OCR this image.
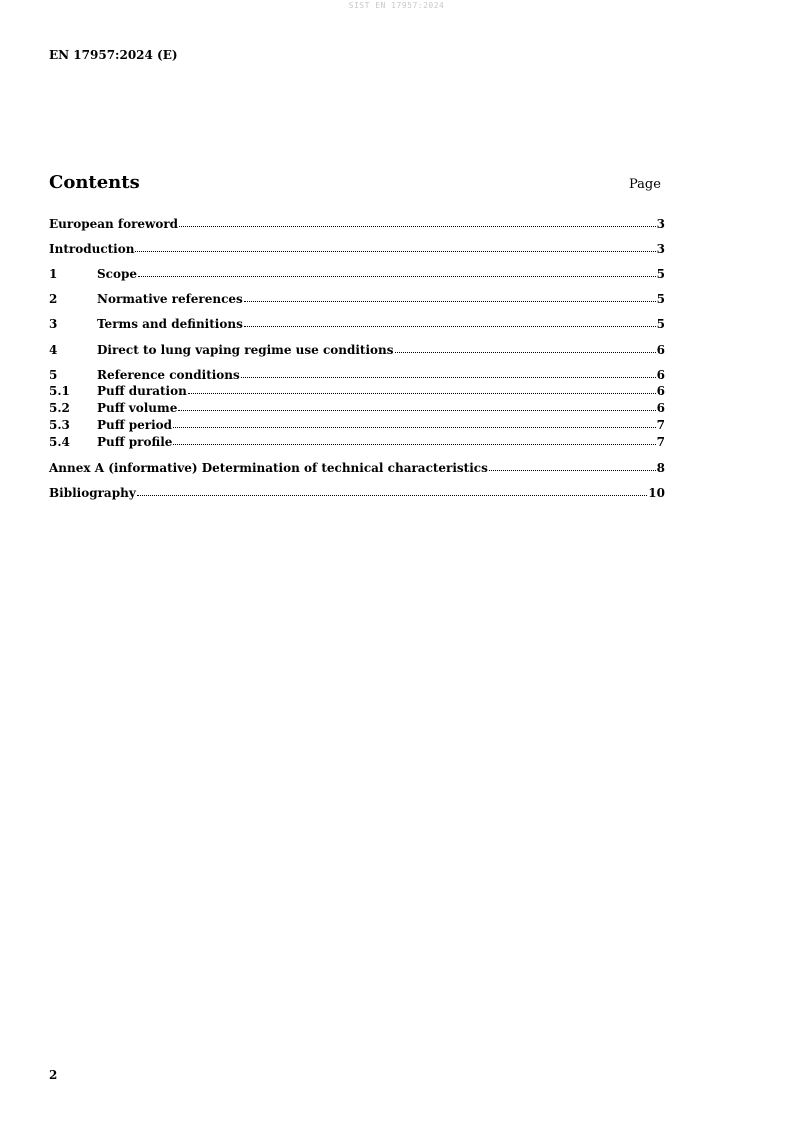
SIST EN 17957:2024
EN 17957:2024 (E)
Contents	Page
European foreword	3
Introduction	3
1	Scope	5
2	Normative references	5
3	Terms and definitions	5
4	Direct to lung vaping regime use conditions	6
5	Reference conditions	6
5.1	Puff duration	6
5.2	Puff volume	6
5.3	Puff period	7
5.4	Puff profile	7
Annex A (informative) Determination of technical characteristics	8
Bibliography	10
2
